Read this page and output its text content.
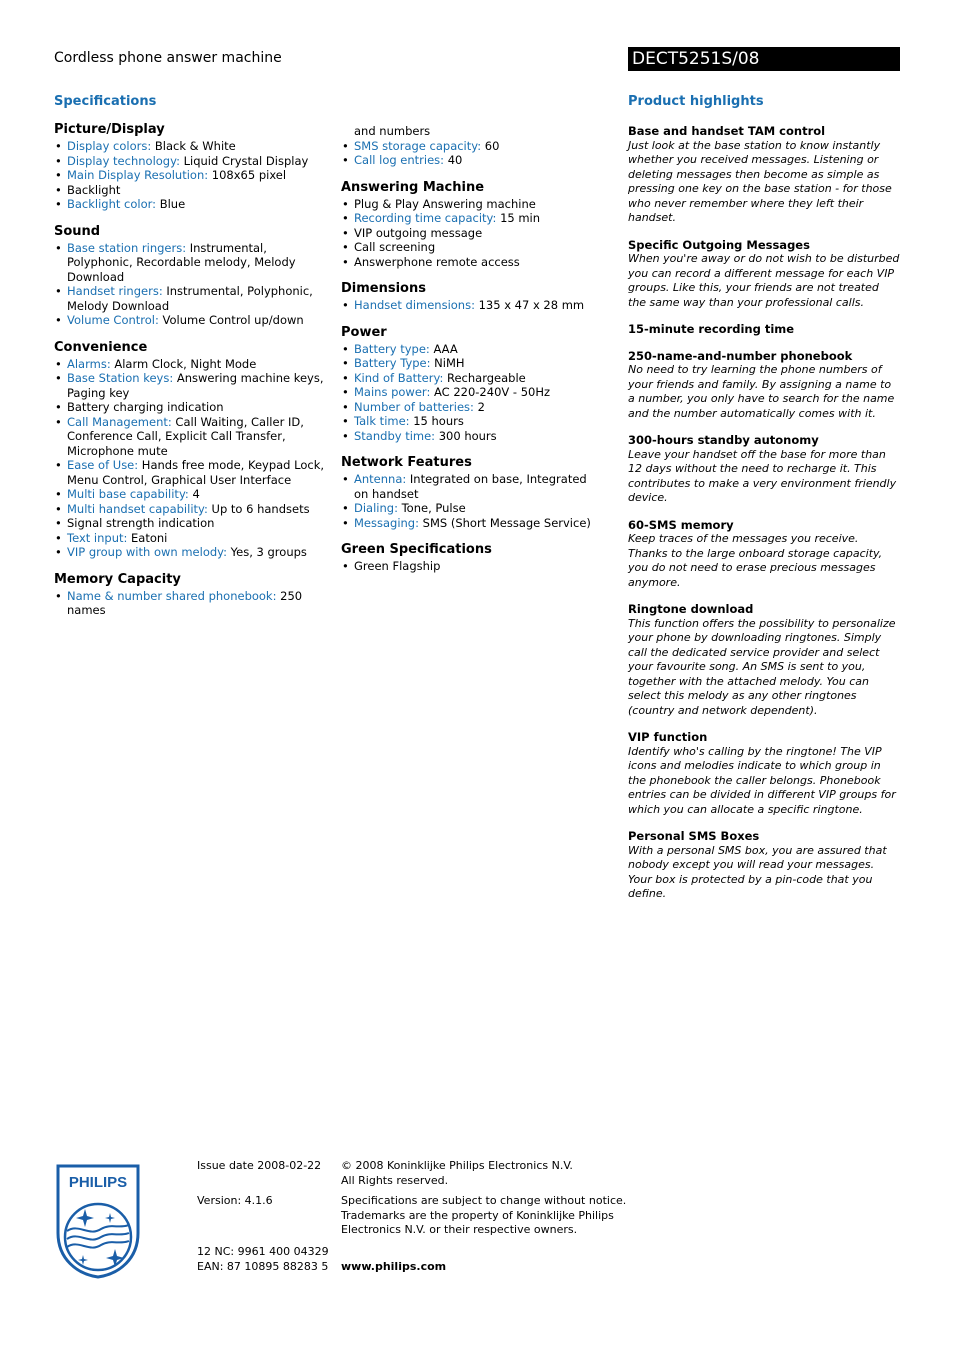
Cordless phone answer machine	DECT5251S/08
Specifications	Product highlights
Picture/Display
• Display colors: Black & White
• Display technology: Liquid Crystal Display
• Main Display Resolution: 108x65 pixel
• Backlight
• Backlight color: Blue
Sound
• Base station ringers: Instrumental, Polyphonic, Recordable melody, Melody Download
• Handset ringers: Instrumental, Polyphonic, Melody Download
• Volume Control: Volume Control up/down
Convenience
• Alarms: Alarm Clock, Night Mode
• Base Station keys: Answering machine keys, Paging key
• Battery charging indication
• Call Management: Call Waiting, Caller ID, Conference Call, Explicit Call Transfer, Microphone mute
• Ease of Use: Hands free mode, Keypad Lock, Menu Control, Graphical User Interface
• Multi base capability: 4
• Multi handset capability: Up to 6 handsets
• Signal strength indication
• Text input: Eatoni
• VIP group with own melody: Yes, 3 groups
Memory Capacity
• Name & number shared phonebook: 250 names
and numbers
• SMS storage capacity: 60
• Call log entries: 40
Answering Machine
• Plug & Play Answering machine
• Recording time capacity: 15 min
• VIP outgoing message
• Call screening
• Answerphone remote access
Dimensions
• Handset dimensions: 135 x 47 x 28 mm
Power
• Battery type: AAA
• Battery Type: NiMH
• Kind of Battery: Rechargeable
• Mains power: AC 220-240V - 50Hz
• Number of batteries: 2
• Talk time: 15 hours
• Standby time: 300 hours
Network Features
• Antenna: Integrated on base, Integrated on handset
• Dialing: Tone, Pulse
• Messaging: SMS (Short Message Service)
Green Specifications
• Green Flagship
Base and handset TAM control

Just look at the base station to know instantly whether you received messages. Listening or deleting messages then become as simple as pressing one key on the base station - for those who never remember where they left their handset.

Specific Outgoing Messages

When you're away or do not wish to be disturbed you can record a different message for each VIP groups. Like this, your friends are not treated the same way than your professional calls.

15-minute recording time
250-name-and-number phonebook

No need to try learning the phone numbers of your friends and family. By assigning a name to a number, you only have to search for the name and the number automatically comes with it.

300-hours standby autonomy

Leave your handset off the base for more than 12 days without the need to recharge it. This contributes to make a very environment friendly device.

60-SMS memory

Keep traces of the messages you receive. Thanks to the large onboard storage capacity, you do not need to erase precious messages anymore.

Ringtone download

This function offers the possibility to personalize your phone by downloading ringtones. Simply call the dedicated service provider and select your favourite song. An SMS is sent to you, together with the attached melody. You can select this melody as any other ringtones (country and network dependent).

VIP function

Identify who's calling by the ringtone! The VIP icons and melodies indicate to which group in the phonebook the caller belongs. Phonebook entries can be divided in different VIP groups for which you can allocate a specific ringtone.

Personal SMS Boxes

With a personal SMS box, you are assured that nobody except you will read your messages. Your box is protected by a pin-code that you define.

PHILIPS
Issue date 2008-02-22
Version: 4.1.6
12 NC: 9961 400 04329
EAN: 87 10895 88283 5
© 2008 Koninklijke Philips Electronics N.V.
All Rights reserved.
Specifications are subject to change without notice.
Trademarks are the property of Koninklijke Philips
Electronics N.V. or their respective owners.
www.philips.com
